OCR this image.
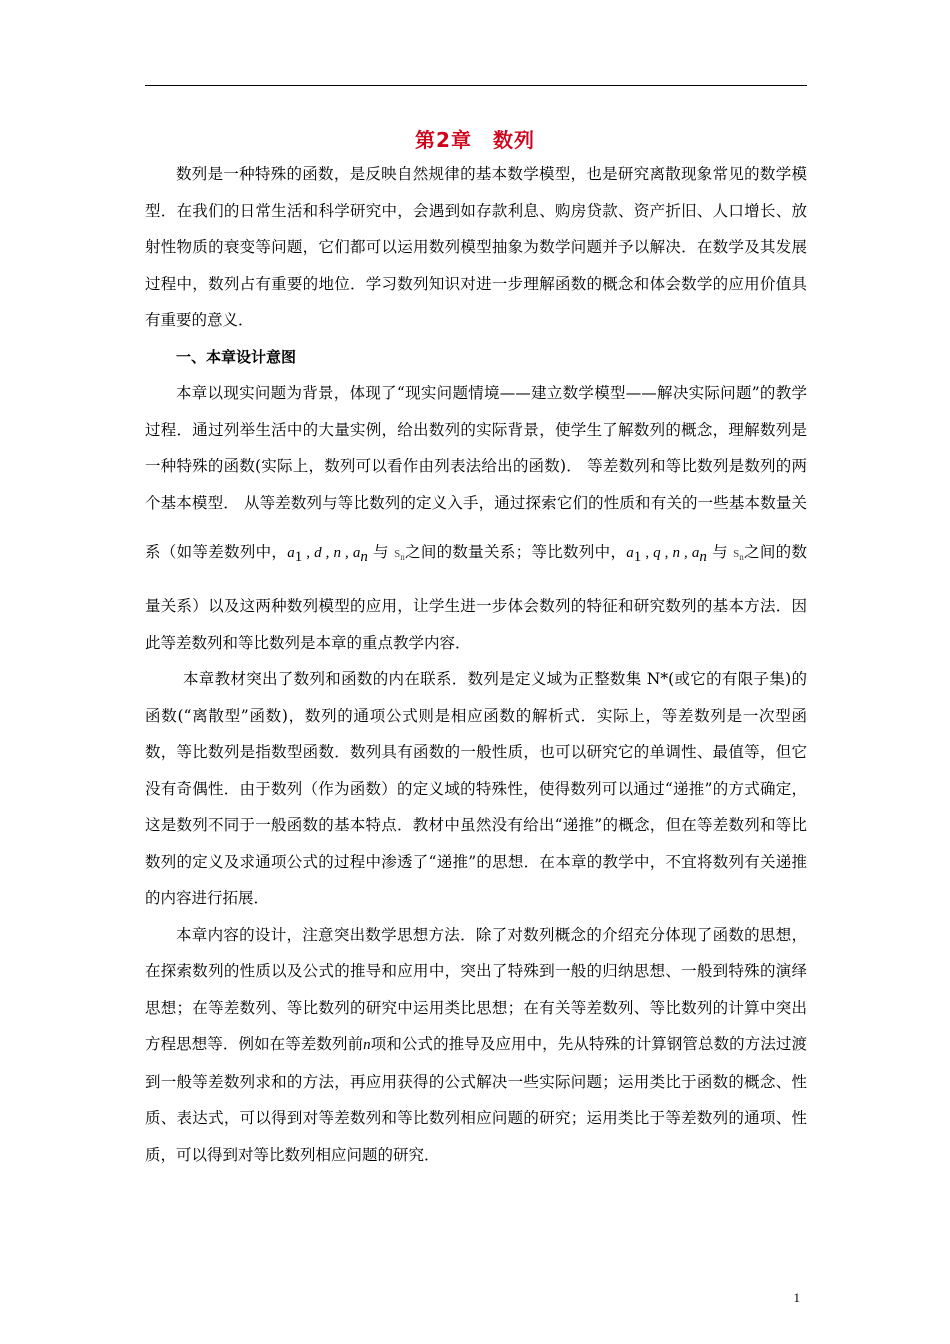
第2章　数列

数列是一种特殊的函数，是反映自然规律的基本数学模型，也是研究离散现象常见的数学模型．在我们的日常生活和科学研究中，会遇到如存款利息、购房贷款、资产折旧、人口增长、放射性物质的衰变等问题，它们都可以运用数列模型抽象为数学问题并予以解决．在数学及其发展过程中，数列占有重要的地位．学习数列知识对进一步理解函数的概念和体会数学的应用价值具有重要的意义．

一、本章设计意图

本章以现实问题为背景，体现了“现实问题情境——建立数学模型——解决实际问题”的教学过程．通过列举生活中的大量实例，给出数列的实际背景，使学生了解数列的概念，理解数列是一种特殊的函数(实际上，数列可以看作由列表法给出的函数)． 等差数列和等比数列是数列的两个基本模型． 从等差数列与等比数列的定义入手，通过探索它们的性质和有关的一些基本数量关系（如等差数列中，$a_1$ , d , n , $a_n$ 与 $S_n$之间的数量关系；等比数列中，$a_1$ , q , n , $a_n$ 与 $S_n$之间的数量关系）以及这两种数列模型的应用，让学生进一步体会数列的特征和研究数列的基本方法．因此等差数列和等比数列是本章的重点教学内容．

本章教材突出了数列和函数的内在联系．数列是定义域为正整数集 N*(或它的有限子集)的函数(“离散型”函数)，数列的通项公式则是相应函数的解析式．实际上，等差数列是一次型函数，等比数列是指数型函数．数列具有函数的一般性质，也可以研究它的单调性、最值等，但它没有奇偶性．由于数列（作为函数）的定义域的特殊性，使得数列可以通过“递推”的方式确定，这是数列不同于一般函数的基本特点．教材中虽然没有给出“递推”的概念，但在等差数列和等比数列的定义及求通项公式的过程中渗透了“递推”的思想．在本章的教学中，不宜将数列有关递推的内容进行拓展．

本章内容的设计，注意突出数学思想方法．除了对数列概念的介绍充分体现了函数的思想，在探索数列的性质以及公式的推导和应用中，突出了特殊到一般的归纳思想、一般到特殊的演绎思想；在等差数列、等比数列的研究中运用类比思想；在有关等差数列、等比数列的计算中突出方程思想等．例如在等差数列前n项和公式的推导及应用中，先从特殊的计算钢管总数的方法过渡到一般等差数列求和的方法，再应用获得的公式解决一些实际问题；运用类比于函数的概念、性质、表达式，可以得到对等差数列和等比数列相应问题的研究；运用类比于等差数列的通项、性质，可以得到对等比数列相应问题的研究．

1
